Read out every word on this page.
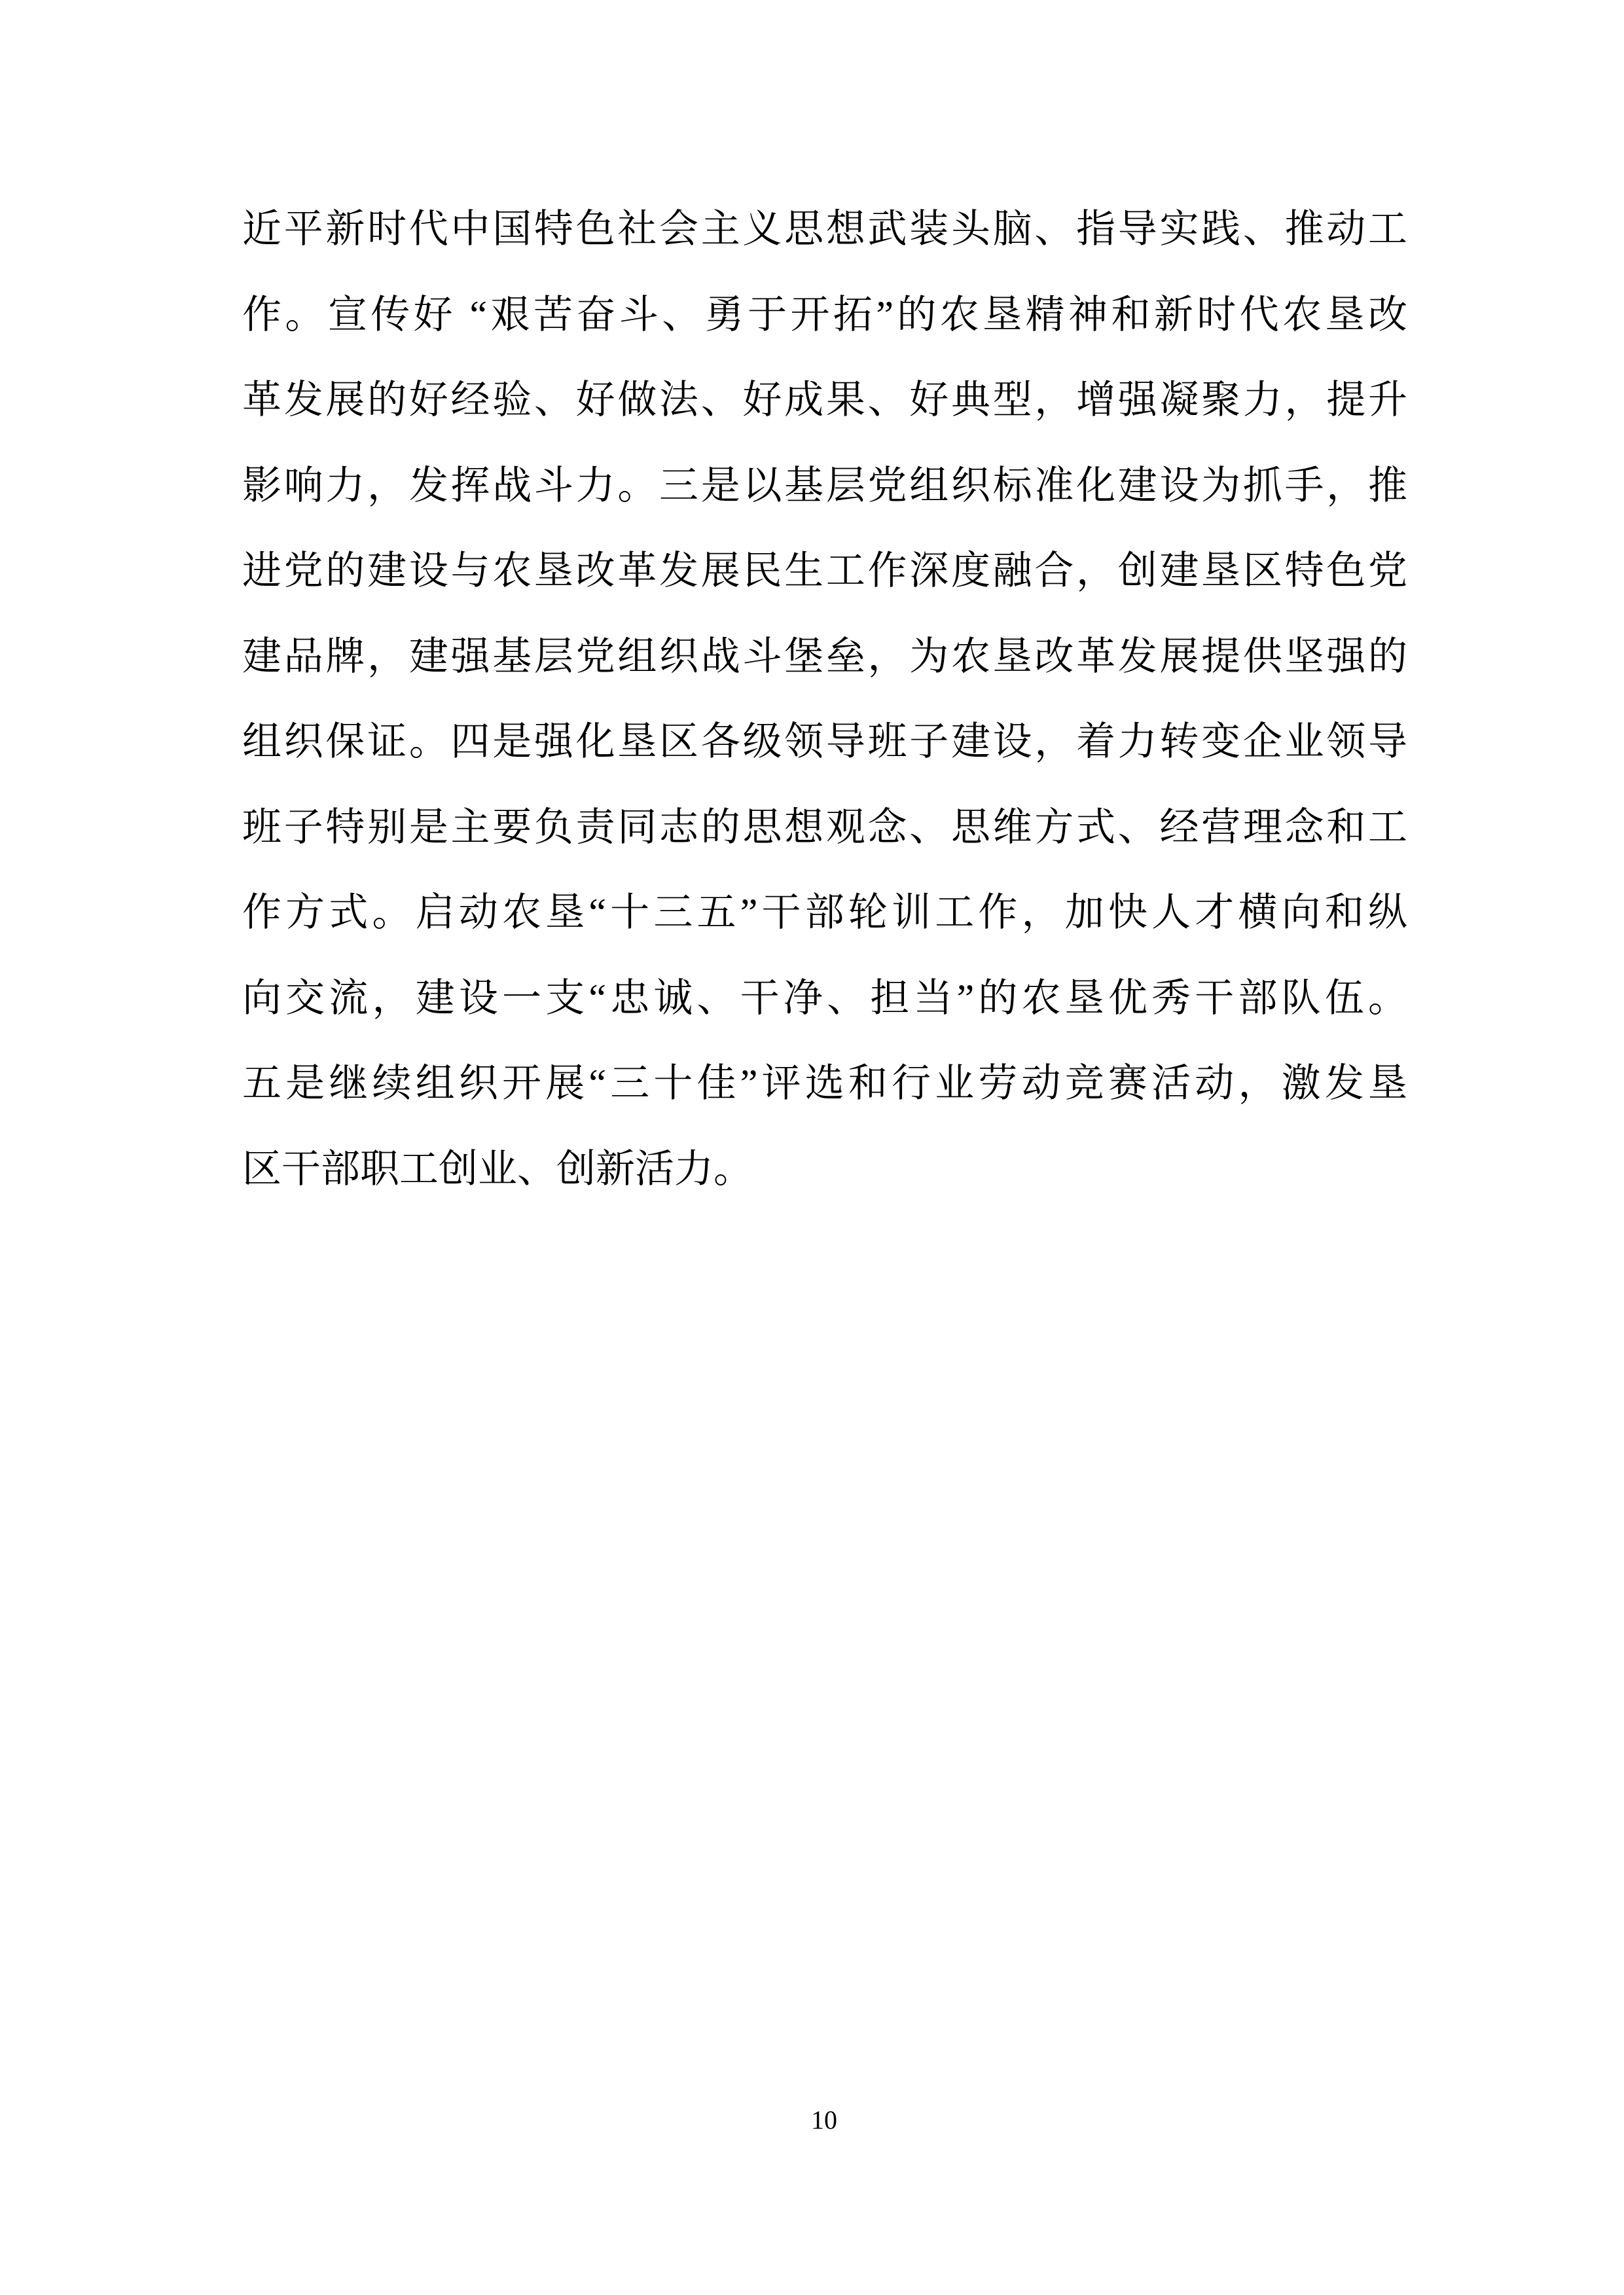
近平新时代中国特色社会主义思想武装头脑、指导实践、推动工
作。宣传好 “艰苦奋斗、勇于开拓”的农垦精神和新时代农垦改
革发展的好经验、好做法、好成果、好典型，增强凝聚力，提升
影响力，发挥战斗力。三是以基层党组织标准化建设为抓手，推
进党的建设与农垦改革发展民生工作深度融合，创建垦区特色党
建品牌，建强基层党组织战斗堡垒，为农垦改革发展提供坚强的
组织保证。四是强化垦区各级领导班子建设，着力转变企业领导
班子特别是主要负责同志的思想观念、思维方式、经营理念和工
作方式。启动农垦“十三五”干部轮训工作，加快人才横向和纵
向交流，建设一支“忠诚、干净、担当”的农垦优秀干部队伍。
五是继续组织开展“三十佳”评选和行业劳动竞赛活动，激发垦
区干部职工创业、创新活力。
10
